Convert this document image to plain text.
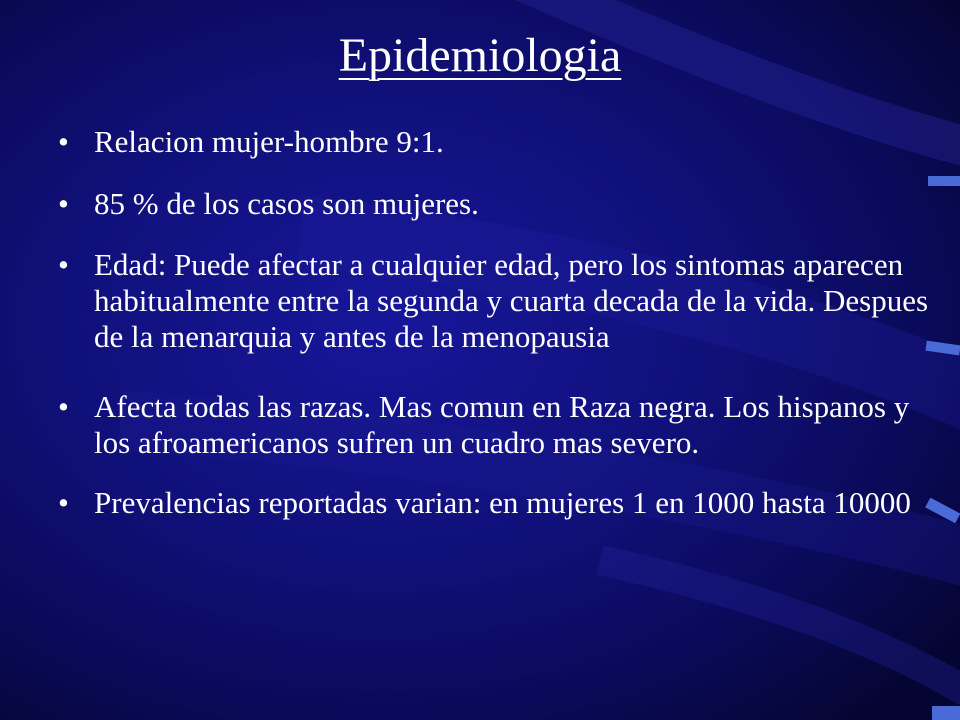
Epidemiologia
• Relacion mujer-hombre 9:1.
• 85 % de los casos son mujeres.
• Edad: Puede afectar a cualquier edad, pero los sintomas aparecen habitualmente entre la segunda y cuarta decada de la vida. Despues de la menarquia y antes de la menopausia
• Afecta todas las razas. Mas comun en Raza negra. Los hispanos y los afroamericanos sufren un cuadro mas severo.
• Prevalencias reportadas varian: en mujeres 1 en 1000 hasta 10000
